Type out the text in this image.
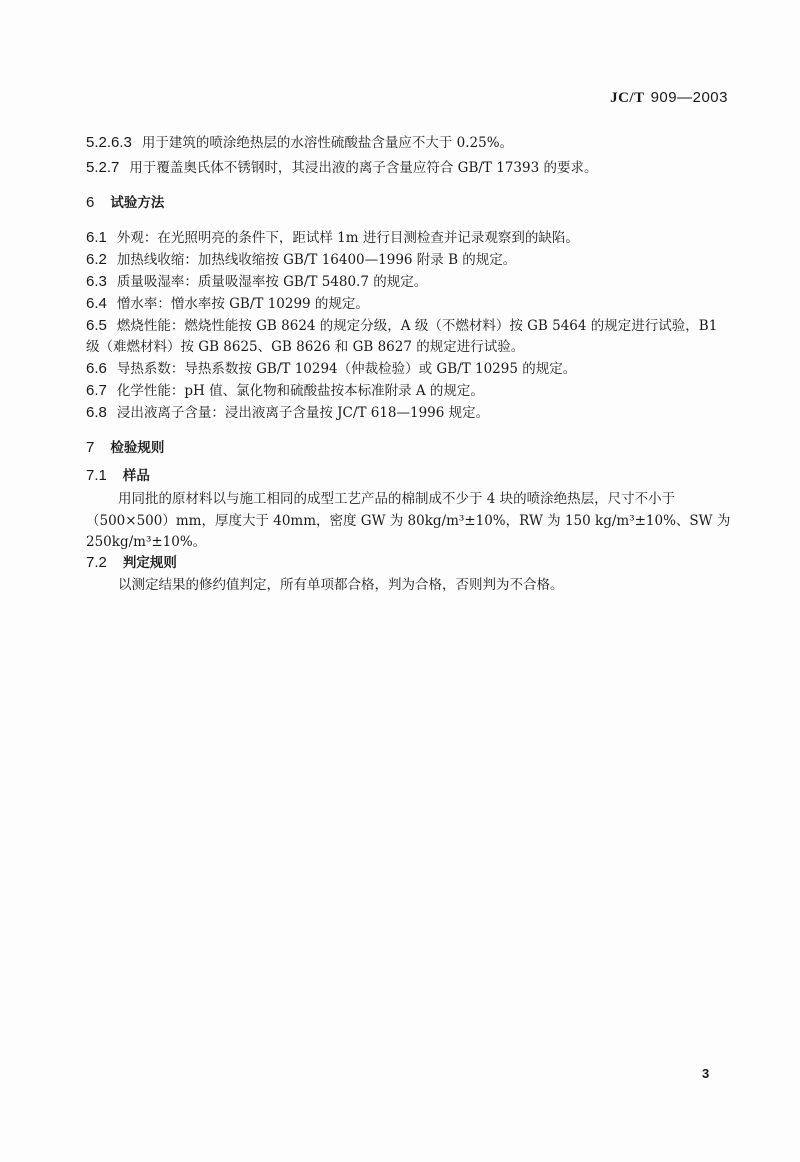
JC/T 909—2003
5.2.6.3 用于建筑的喷涂绝热层的水溶性硫酸盐含量应不大于 0.25%。
5.2.7 用于覆盖奥氏体不锈钢时，其浸出液的离子含量应符合 GB/T 17393 的要求。
6 试验方法
6.1 外观：在光照明亮的条件下，距试样 1m 进行目测检查并记录观察到的缺陷。
6.2 加热线收缩：加热线收缩按 GB/T 16400—1996 附录 B 的规定。
6.3 质量吸湿率：质量吸湿率按 GB/T 5480.7 的规定。
6.4 憎水率：憎水率按 GB/T 10299 的规定。
6.5 燃烧性能：燃烧性能按 GB 8624 的规定分级，A 级（不燃材料）按 GB 5464 的规定进行试验，B1
级（难燃材料）按 GB 8625、GB 8626 和 GB 8627 的规定进行试验。
6.6 导热系数：导热系数按 GB/T 10294（仲裁检验）或 GB/T 10295 的规定。
6.7 化学性能：pH 值、氯化物和硫酸盐按本标准附录 A 的规定。
6.8 浸出液离子含量：浸出液离子含量按 JC/T 618—1996 规定。
7 检验规则
7.1 样品
用同批的原材料以与施工相同的成型工艺产品的棉制成不少于 4 块的喷涂绝热层，尺寸不小于
（500×500）mm，厚度大于 40mm，密度 GW 为 80kg/m³±10%，RW 为 150 kg/m³±10%、SW 为
250kg/m³±10%。
7.2 判定规则
以测定结果的修约值判定，所有单项都合格，判为合格，否则判为不合格。
3
